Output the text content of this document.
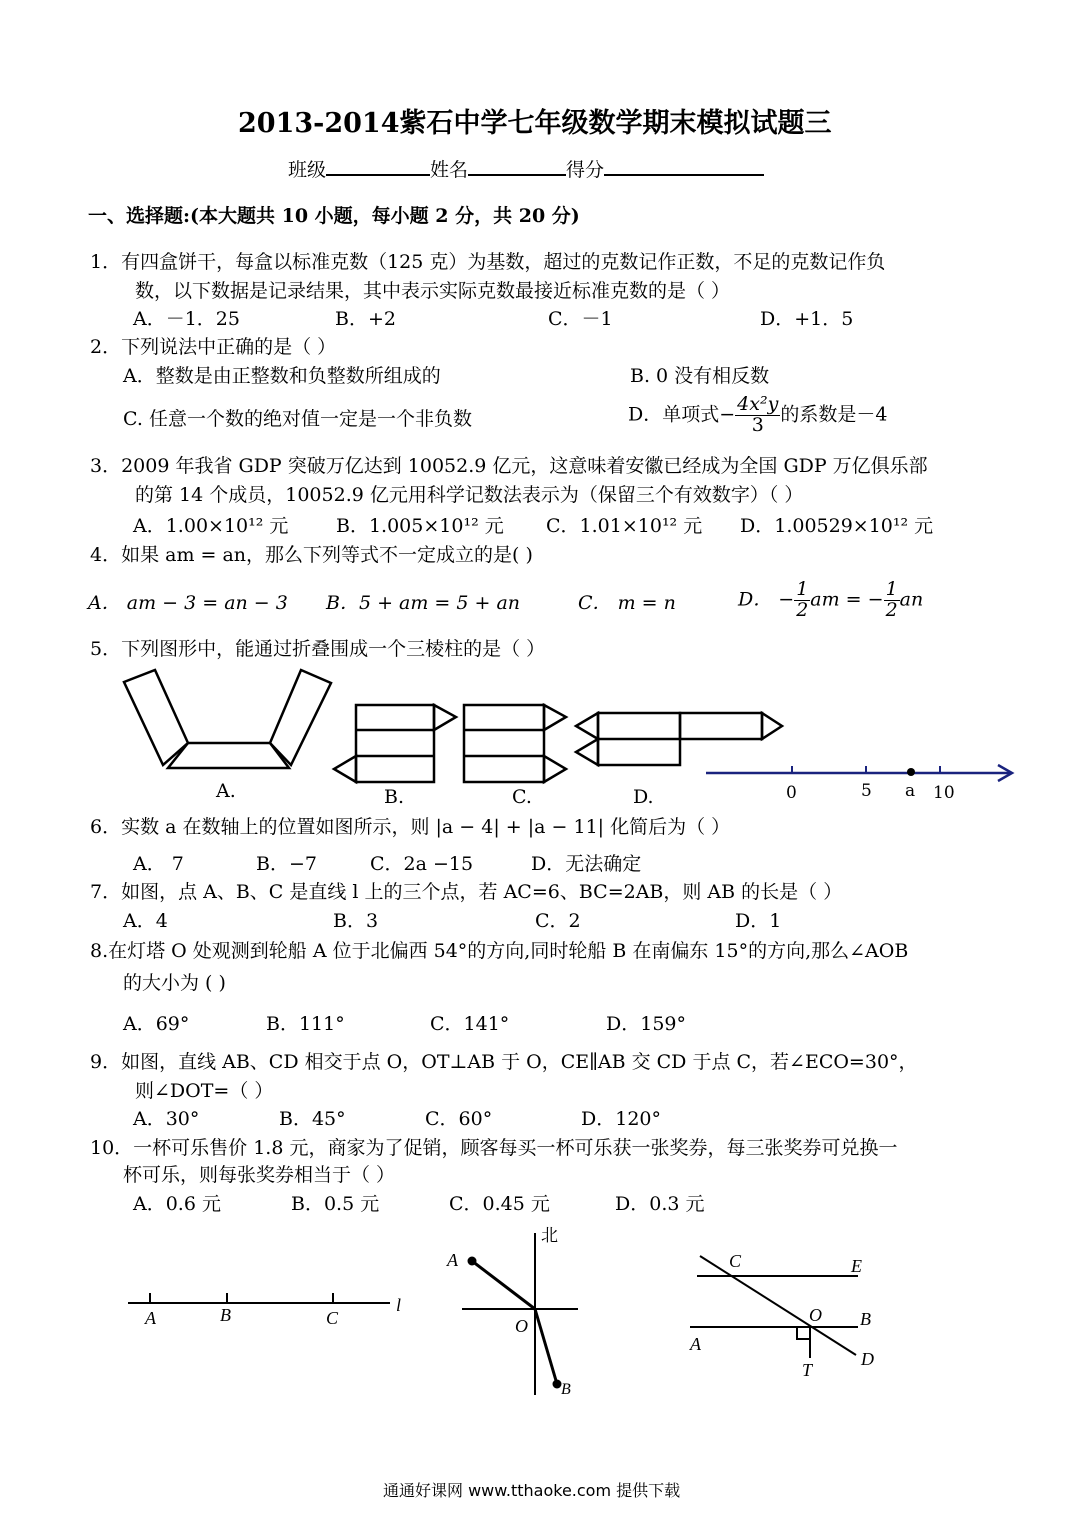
2013-2014紫石中学七年级数学期末模拟试题三
班级	姓名	得分
一、选择题:(本大题共 10 小题，每小题 2 分，共 20 分)
1．有四盒饼干，每盒以标准克数（125 克）为基数，超过的克数记作正数，不足的克数记作负
数，以下数据是记录结果，其中表示实际克数最接近标准克数的是（ ）
A．－1．25	B．+2	C．－1	D．+1．5
2．下列说法中正确的是（ ）
A．整数是由正整数和负整数所组成的	B. 0 没有相反数
C. 任意一个数的绝对值一定是一个非负数	D．单项式− $\frac{\text{4x²y}}{3}$ 的系数是－4
3．2009 年我省 GDP 突破万亿达到 10052.9 亿元，这意味着安徽已经成为全国 GDP 万亿俱乐部
的第 14 个成员，10052.9 亿元用科学记数法表示为（保留三个有效数字）（ ）
A．1.00×10¹² 元	B．1.005×10¹² 元 C．1.01×10¹² 元 D．1.00529×10¹² 元
4．如果 am = an，那么下列等式不一定成立的是( )
A． am − 3 = an − 3 B．5 + am = 5 + an	C． m = n	D． − $\frac{1}{2}$ am = − $\frac{1}{2}$ an
5．下列图形中，能通过折叠围成一个三棱柱的是（ ）
A.	B.	C.	D.	0	5 a 10
6．实数 a 在数轴上的位置如图所示，则 |a − 4| + |a − 11| 化简后为（ ）
A． 7	B．−7	C．2a −15	D．无法确定
7．如图，点 A、B、C 是直线 l 上的三个点，若 AC=6、BC=2AB，则 AB 的长是（ ）
A．4	B．3	C．2	D．1
8.在灯塔 O 处观测到轮船 A 位于北偏西 54°的方向,同时轮船 B 在南偏东 15°的方向,那么∠AOB
的大小为 ( )
A．69°	B．111°	C．141°	D．159°
9．如图，直线 AB、CD 相交于点 O，OT⊥AB 于 O，CE∥AB 交 CD 于点 C，若∠ECO=30°，
则∠DOT=（ ）
A．30°	B．45°	C．60°	D．120°
10．一杯可乐售价 1.8 元，商家为了促销，顾客每买一杯可乐获一张奖券，每三张奖券可兑换一
杯可乐，则每张奖券相当于（ ）
A．0.6 元	B．0.5 元	C．0.45 元	D．0.3 元
A	B	C
l
北
A
O
B
C	E
O B
A
T
D
通通好课网 www.tthaoke.com 提供下载
